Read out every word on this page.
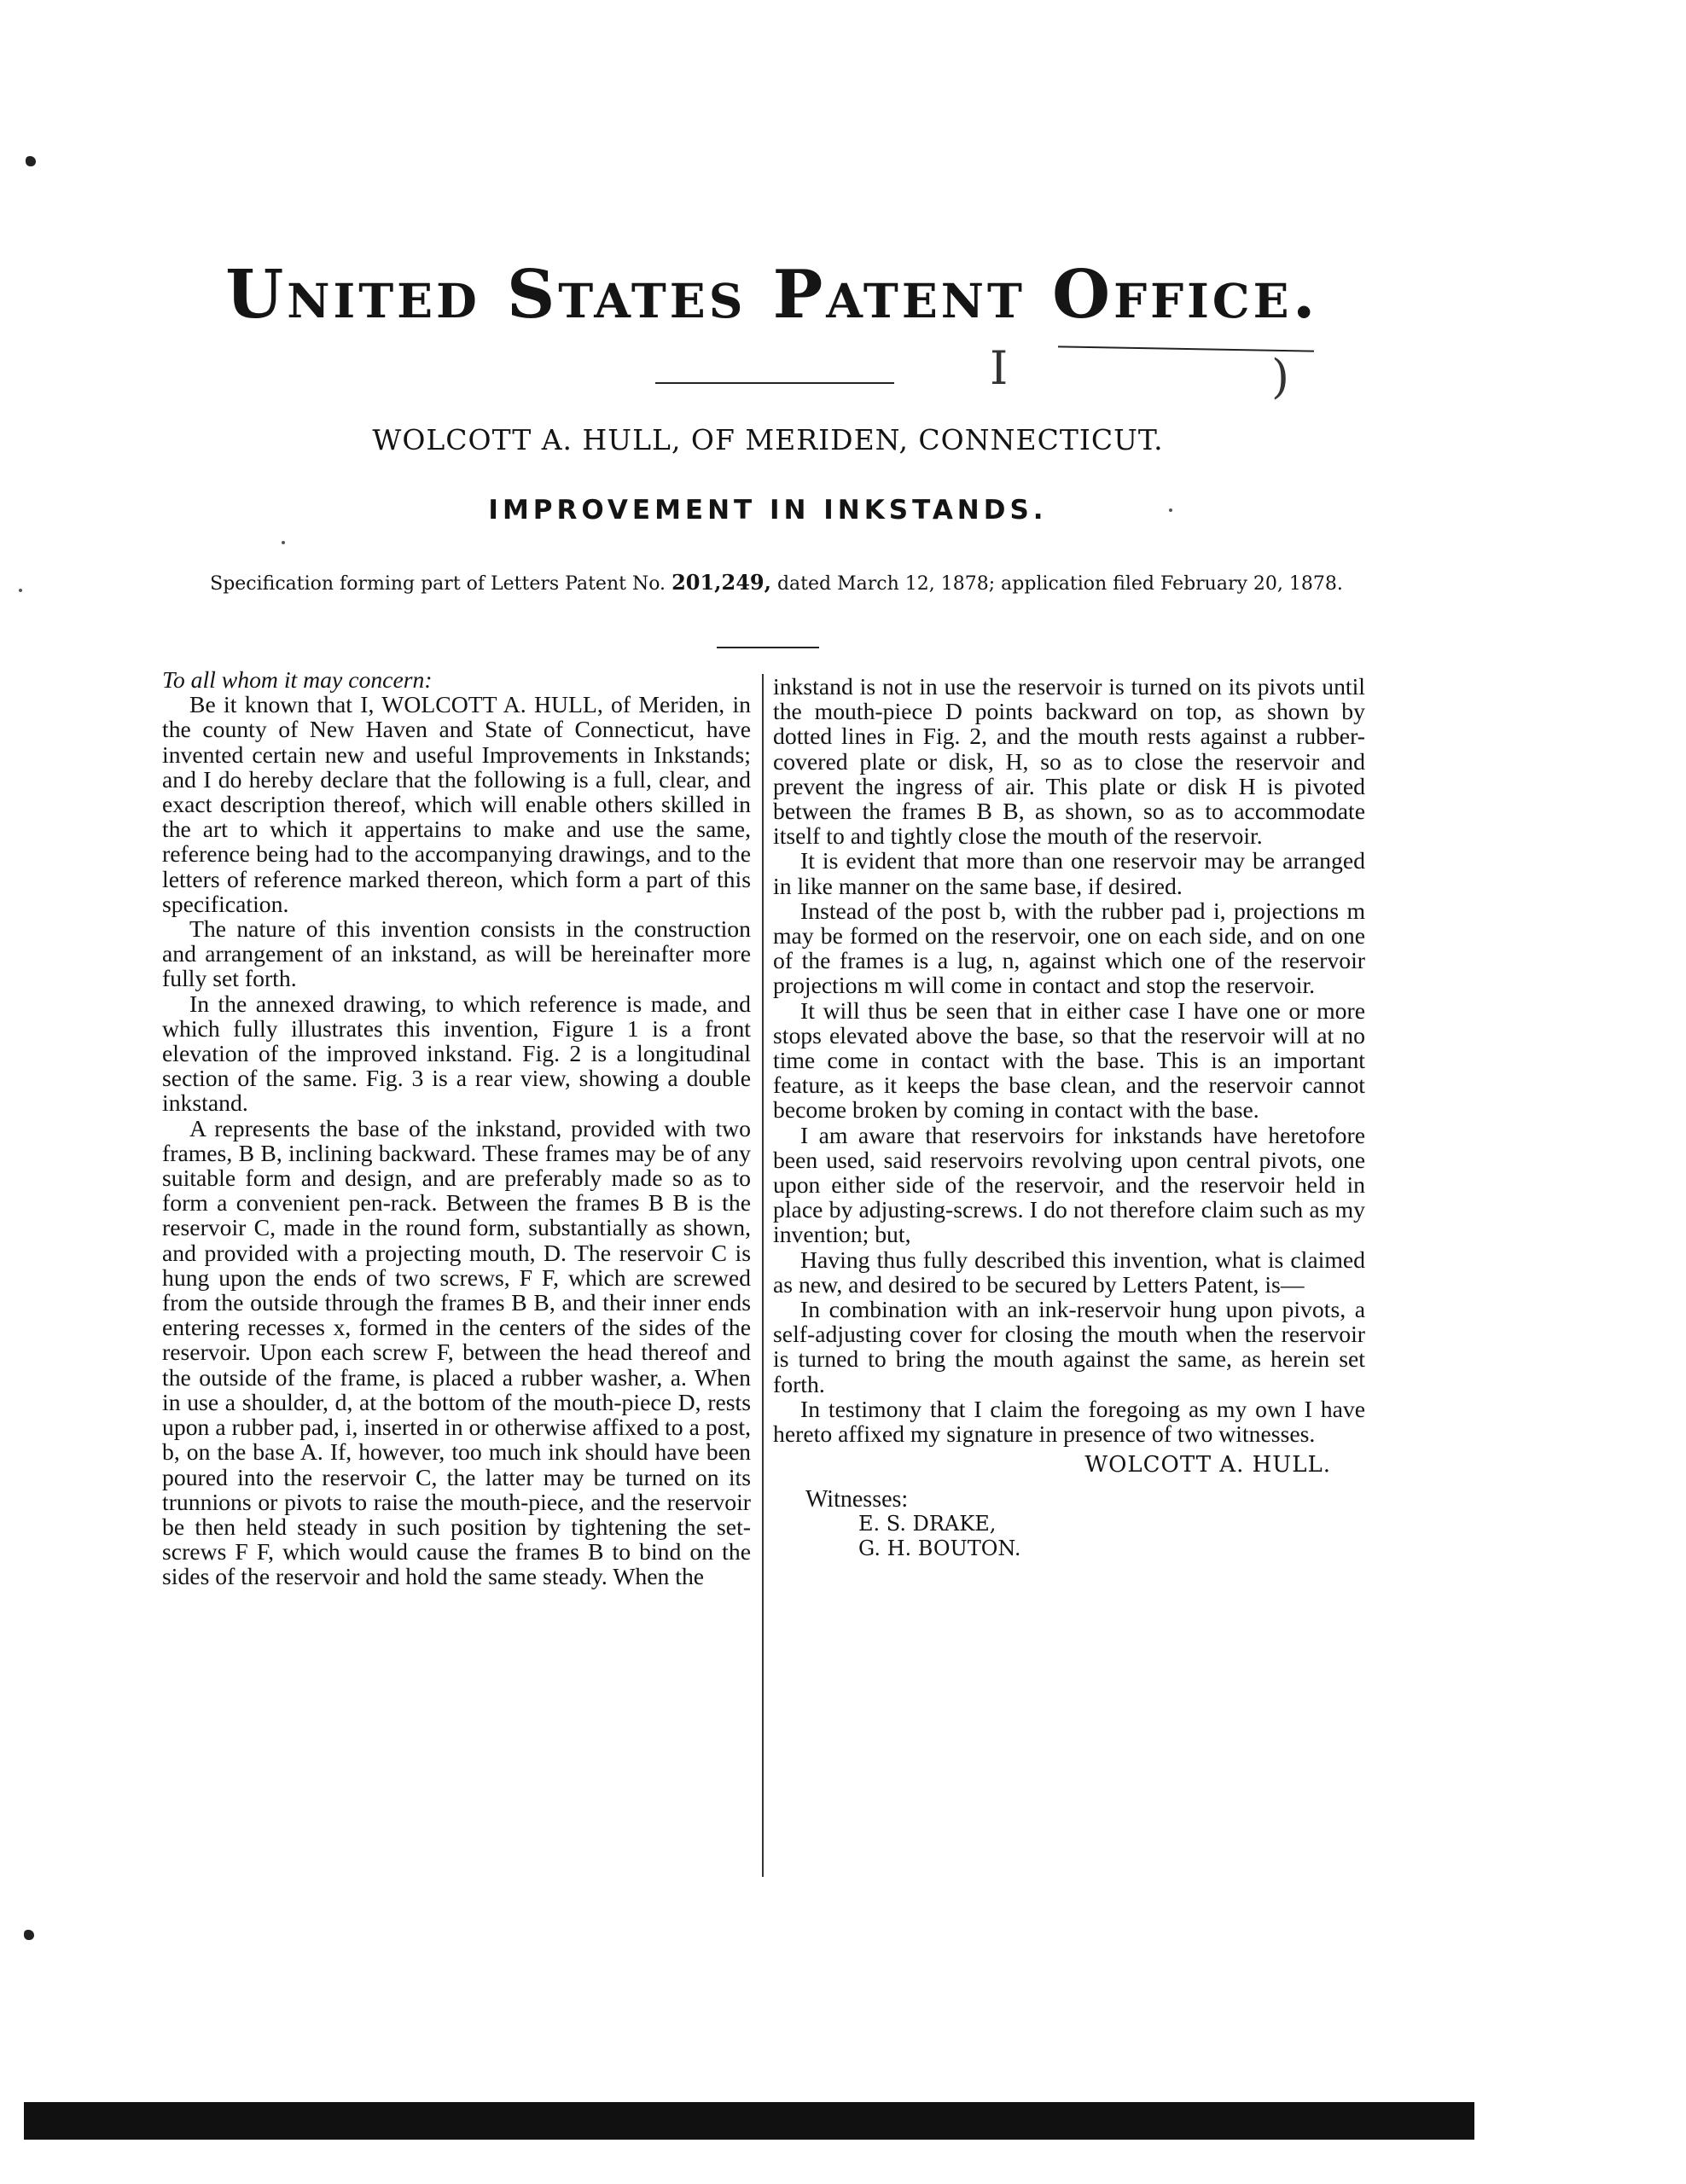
United States Patent Office.
I	)
WOLCOTT A. HULL, OF MERIDEN, CONNECTICUT.
IMPROVEMENT IN INKSTANDS.
Specification forming part of Letters Patent No. 201,249, dated March 12, 1878; application filed February 20, 1878.

To all whom it may concern:

Be it known that I, WOLCOTT A. HULL, of Meriden, in the county of New Haven and State of Connecticut, have invented certain new and useful Improvements in Inkstands; and I do hereby declare that the following is a full, clear, and exact description thereof, which will enable others skilled in the art to which it appertains to make and use the same, reference being had to the accompanying drawings, and to the letters of reference marked thereon, which form a part of this specification.

The nature of this invention consists in the construction and arrangement of an inkstand, as will be hereinafter more fully set forth.

In the annexed drawing, to which reference is made, and which fully illustrates this invention, Figure 1 is a front elevation of the improved inkstand. Fig. 2 is a longitudinal section of the same. Fig. 3 is a rear view, showing a double inkstand.

A represents the base of the inkstand, provided with two frames, B B, inclining backward. These frames may be of any suitable form and design, and are preferably made so as to form a convenient pen-rack. Between the frames B B is the reservoir C, made in the round form, substantially as shown, and provided with a projecting mouth, D. The reservoir C is hung upon the ends of two screws, F F, which are screwed from the outside through the frames B B, and their inner ends entering recesses x, formed in the centers of the sides of the reservoir. Upon each screw F, between the head thereof and the outside of the frame, is placed a rubber washer, a. When in use a shoulder, d, at the bottom of the mouth-piece D, rests upon a rubber pad, i, inserted in or otherwise affixed to a post, b, on the base A. If, however, too much ink should have been poured into the reservoir C, the latter may be turned on its trunnions or pivots to raise the mouth-piece, and the reservoir be then held steady in such position by tightening the set-screws F F, which would cause the frames B to bind on the sides of the reservoir and hold the same steady. When the

inkstand is not in use the reservoir is turned on its pivots until the mouth-piece D points backward on top, as shown by dotted lines in Fig. 2, and the mouth rests against a rubber-covered plate or disk, H, so as to close the reservoir and prevent the ingress of air. This plate or disk H is pivoted between the frames B B, as shown, so as to accommodate itself to and tightly close the mouth of the reservoir.

It is evident that more than one reservoir may be arranged in like manner on the same base, if desired.

Instead of the post b, with the rubber pad i, projections m may be formed on the reservoir, one on each side, and on one of the frames is a lug, n, against which one of the reservoir projections m will come in contact and stop the reservoir.

It will thus be seen that in either case I have one or more stops elevated above the base, so that the reservoir will at no time come in contact with the base. This is an important feature, as it keeps the base clean, and the reservoir cannot become broken by coming in contact with the base.

I am aware that reservoirs for inkstands have heretofore been used, said reservoirs revolving upon central pivots, one upon either side of the reservoir, and the reservoir held in place by adjusting-screws. I do not therefore claim such as my invention; but,

Having thus fully described this invention, what is claimed as new, and desired to be secured by Letters Patent, is—

In combination with an ink-reservoir hung upon pivots, a self-adjusting cover for closing the mouth when the reservoir is turned to bring the mouth against the same, as herein set forth.

In testimony that I claim the foregoing as my own I have hereto affixed my signature in presence of two witnesses.

WOLCOTT A. HULL.
Witnesses:
E. S. DRAKE,
G. H. BOUTON.
